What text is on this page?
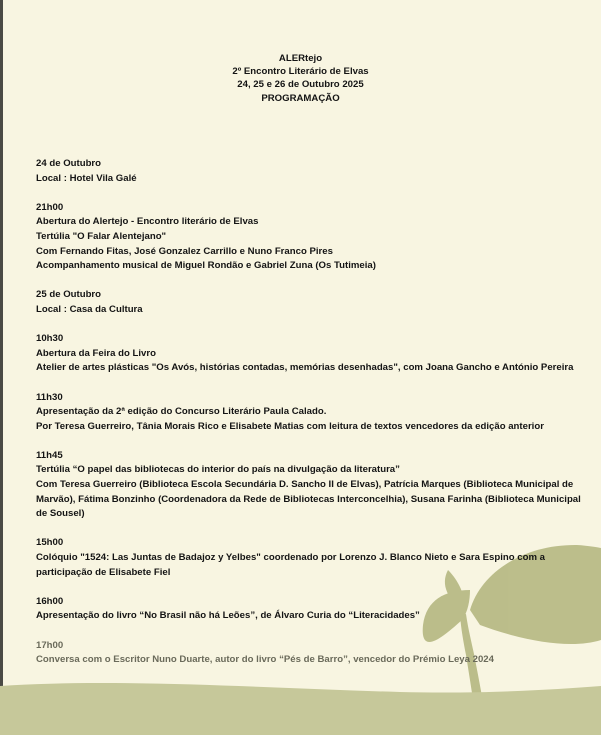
ALERtejo
2º Encontro Literário de Elvas
24, 25 e 26 de Outubro 2025
PROGRAMAÇÃO
24 de Outubro
Local : Hotel Vila Galé
21h00
Abertura do Alertejo - Encontro literário de Elvas
Tertúlia "O Falar Alentejano"
Com Fernando Fitas, José Gonzalez Carrillo e Nuno Franco Pires
Acompanhamento musical de Miguel Rondão e Gabriel Zuna (Os Tutimeia)
25 de Outubro
Local : Casa da Cultura
10h30
Abertura da Feira do Livro
Atelier de artes plásticas "Os Avós, histórias contadas, memórias desenhadas", com Joana Gancho e António Pereira
11h30
Apresentação da 2ª edição do Concurso Literário Paula Calado.
Por Teresa Guerreiro, Tânia Morais Rico e Elisabete Matias com leitura de textos vencedores da edição anterior
11h45
Tertúlia “O papel das bibliotecas do interior do país na divulgação da literatura”
Com Teresa Guerreiro (Biblioteca Escola Secundária D. Sancho II de Elvas), Patrícia Marques (Biblioteca Municipal de Marvão), Fátima Bonzinho (Coordenadora da Rede de Bibliotecas Interconcelhia), Susana Farinha (Biblioteca Municipal de Sousel)
15h00
Colóquio "1524: Las Juntas de Badajoz y Yelbes" coordenado por Lorenzo J. Blanco Nieto e Sara Espino com a participação de Elisabete Fiel
16h00
Apresentação do livro “No Brasil não há Leões”, de Álvaro Curia do “Literacidades”
17h00
Conversa com o Escritor Nuno Duarte, autor do livro “Pés de Barro”, vencedor do Prémio Leya 2024
